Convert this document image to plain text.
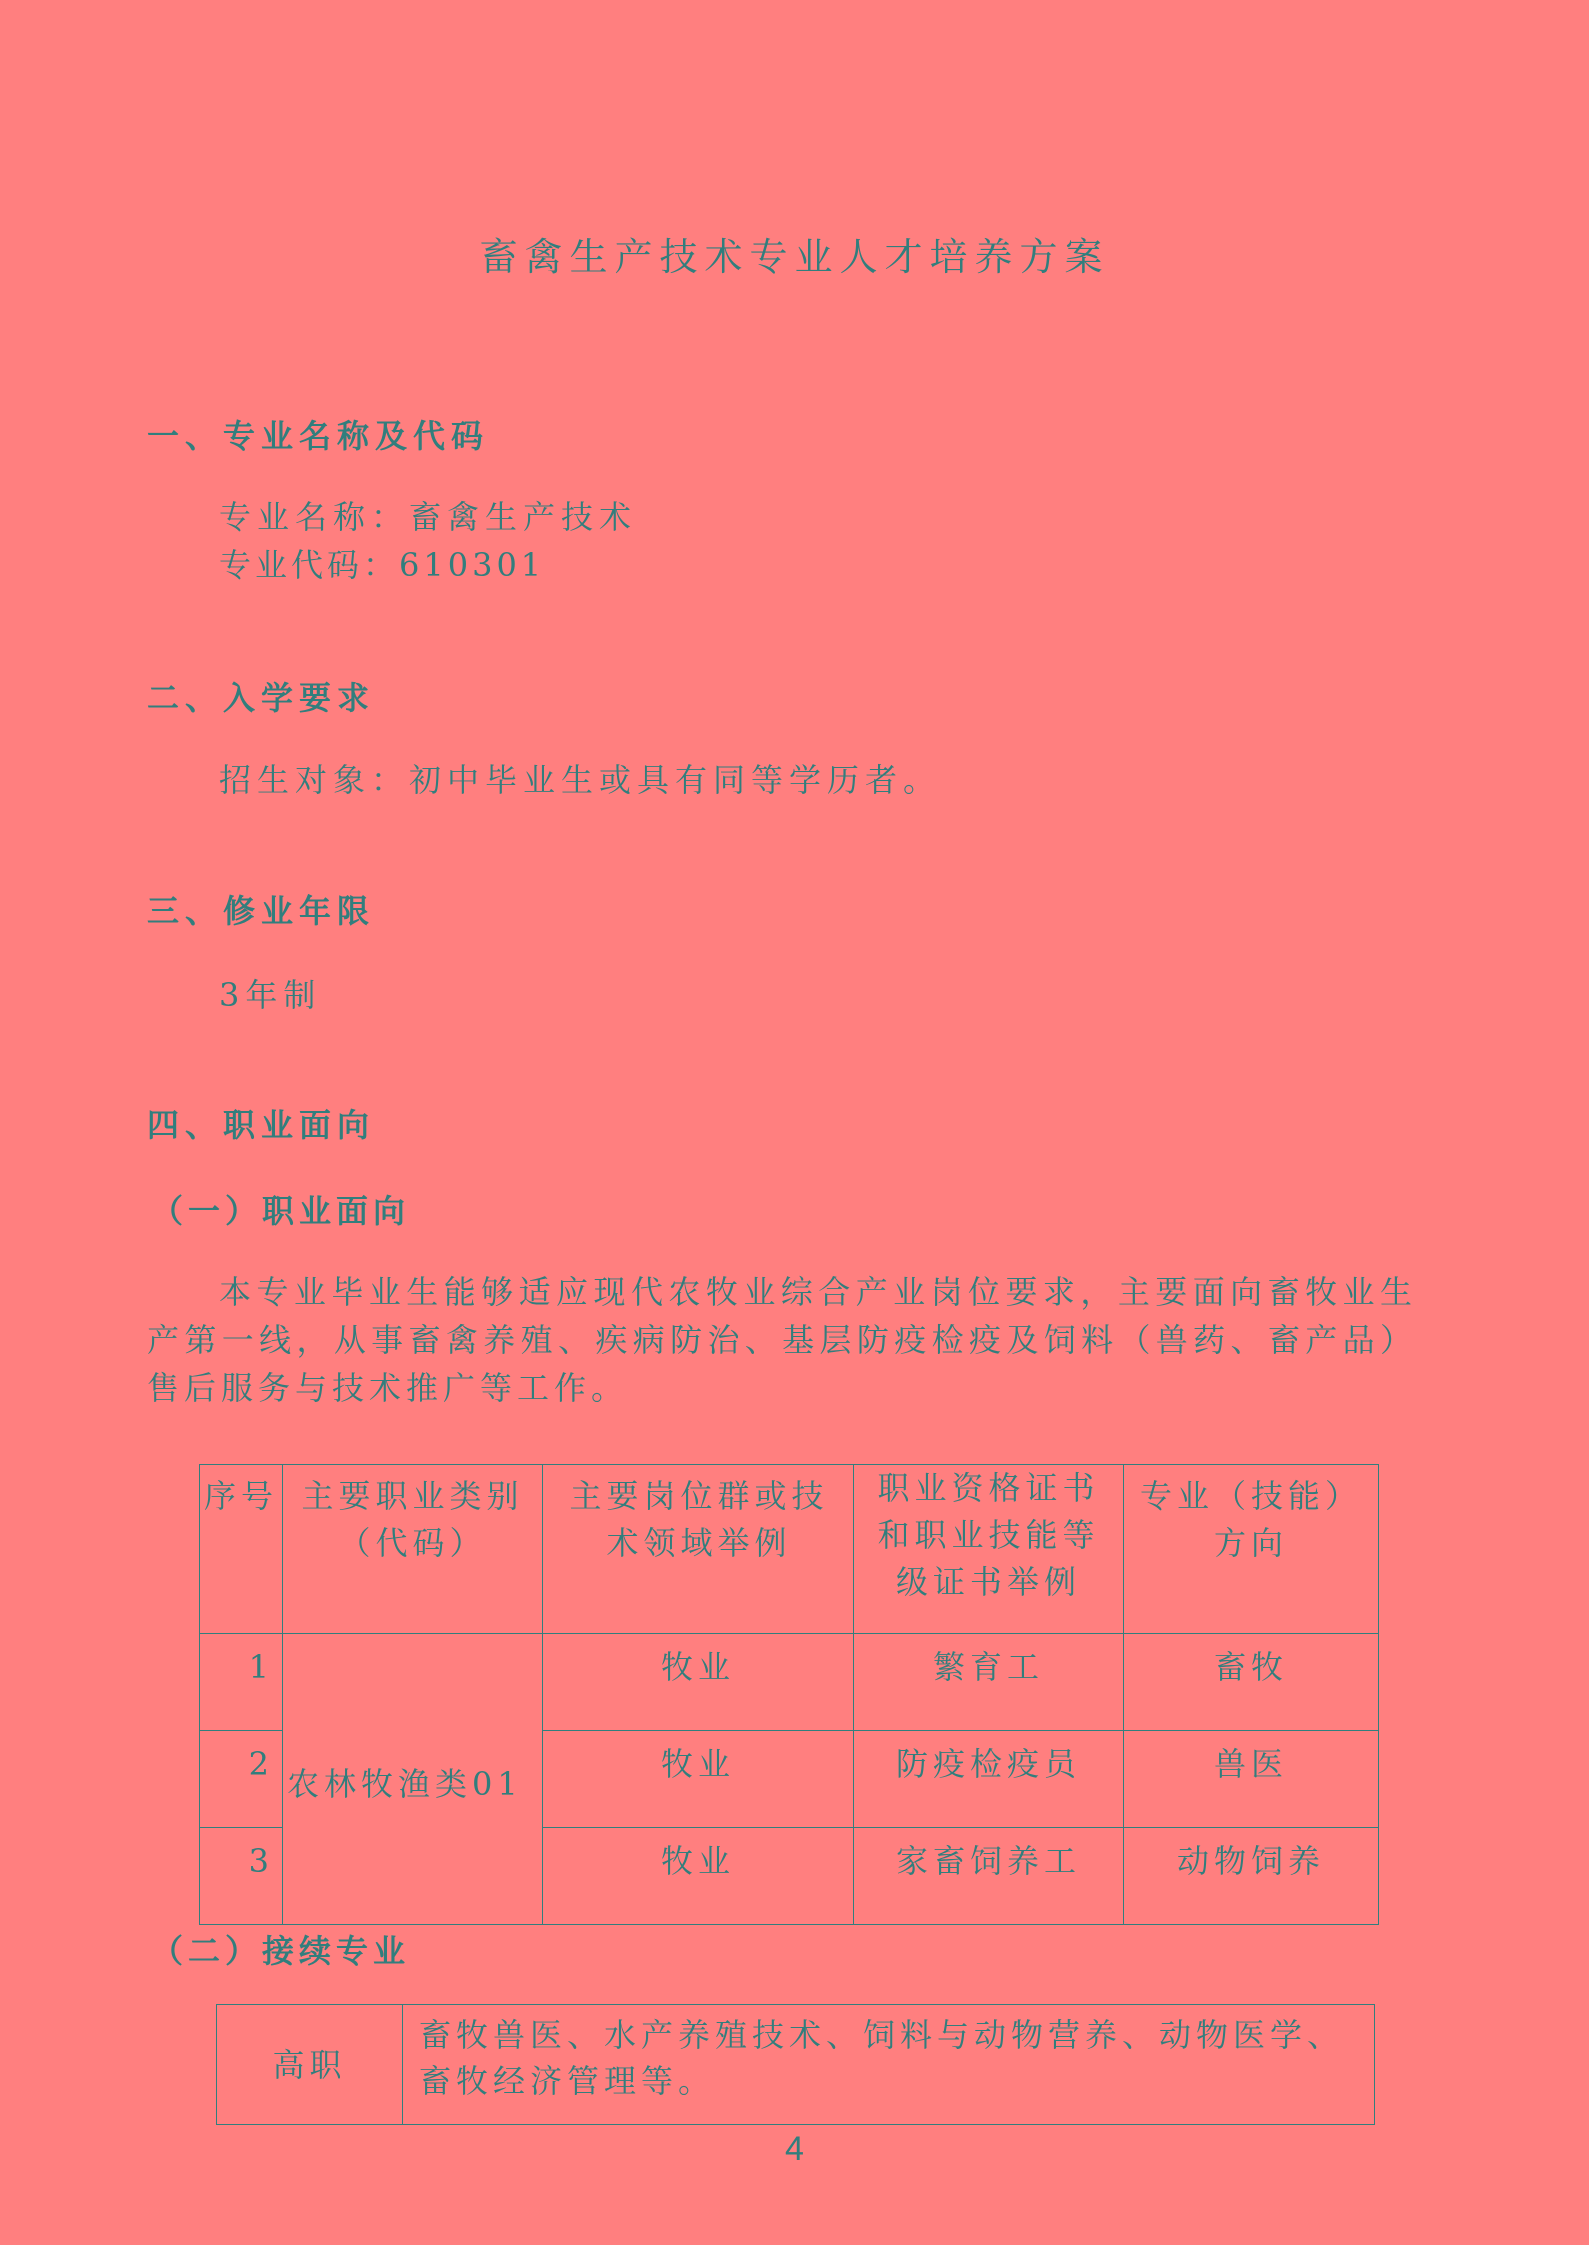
畜禽生产技术专业人才培养方案
一、专业名称及代码
专业名称：畜禽生产技术
专业代码：610301
二、入学要求
招生对象：初中毕业生或具有同等学历者。
三、修业年限
3年制
四、职业面向
（一）职业面向
本专业毕业生能够适应现代农牧业综合产业岗位要求，主要面向畜牧业生产第一线，从事畜禽养殖、疾病防治、基层防疫检疫及饲料（兽药、畜产品）售后服务与技术推广等工作。
序号	主要职业类别（代码）	主要岗位群或技术领域举例	职业资格证书和职业技能等级证书举例	专业（技能）方向
1	农林牧渔类01	牧业	繁育工	畜牧
2		牧业	防疫检疫员	兽医
3		牧业	家畜饲养工	动物饲养
（二）接续专业
高职	畜牧兽医、水产养殖技术、饲料与动物营养、动物医学、畜牧经济管理等。
4
